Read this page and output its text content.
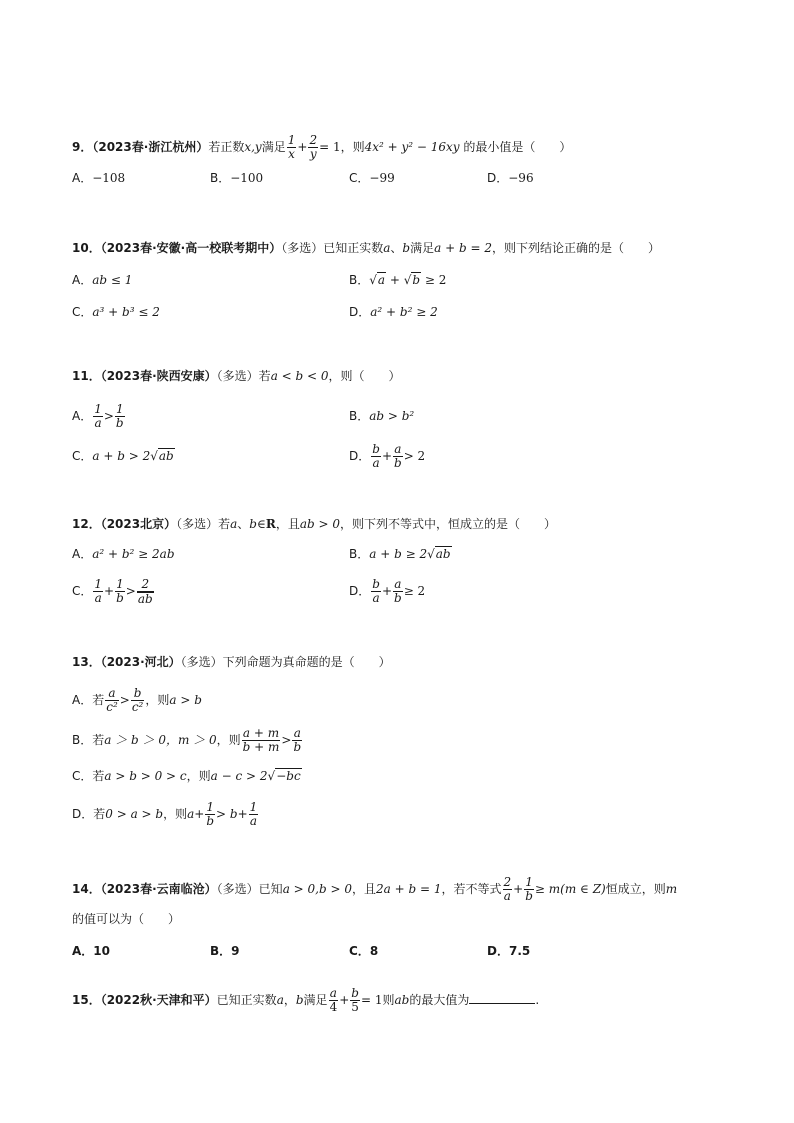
9．（2023春·浙江杭州）若正数x,y满足 $\frac{1}{x} + \frac{2}{y} = 1$，则4x² + y² − 16xy 的最小值是（　　）
A．−108	B．−100	C．−99	D．−96
10．（2023春·安徽·高一校联考期中）（多选）已知正实数a、b满足a + b = 2，则下列结论正确的是（　　）
A．ab ≤ 1	B．√a + √b ≥ 2
C．a³ + b³ ≤ 2	D．a² + b² ≥ 2
11．（2023春·陕西安康）（多选）若a < b < 0，则（　　）
A． $\frac{1}{a} > \frac{1}{b}$	B．ab > b²
C．a + b > 2√ab	D． $\frac{b}{a} + \frac{a}{b} > 2$
12．（2023北京）（多选）若a、b∈R，且ab > 0，则下列不等式中，恒成立的是（　　）
A．a² + b² ≥ 2ab	B．a + b ≥ 2√ab
C． $\frac{1}{a} + \frac{1}{b} > \frac{2}{ab}$	D． $\frac{b}{a} + \frac{a}{b} \ge 2$
13．（2023·河北）（多选）下列命题为真命题的是（　　）
A．若 $\frac{a}{\text{c²}} > \frac{b}{\text{c²}}$ ，则a > b
B．若a ＞ b ＞ 0，m ＞ 0，则 $\frac{a + m}{b + m} > \frac{a}{b}$
C．若a > b > 0 > c，则a − c > 2√−bc
D．若0 > a > b，则$a+ \frac{1}{b} > b+ \frac{1}{a}$
14．（2023春·云南临沧）（多选）已知a > 0,b > 0，且2a + b = 1，若不等式 $\frac{2}{a} + \frac{1}{b} \ge m(m$ ∈ Z)恒成立，则m
的值可以为（　　）
A．10	B．9	C．8	D．7.5
15．（2022秋·天津和平）已知正实数a，b满足 $\frac{a}{4} + \frac{b}{5} = 1$则ab的最大值为	.
